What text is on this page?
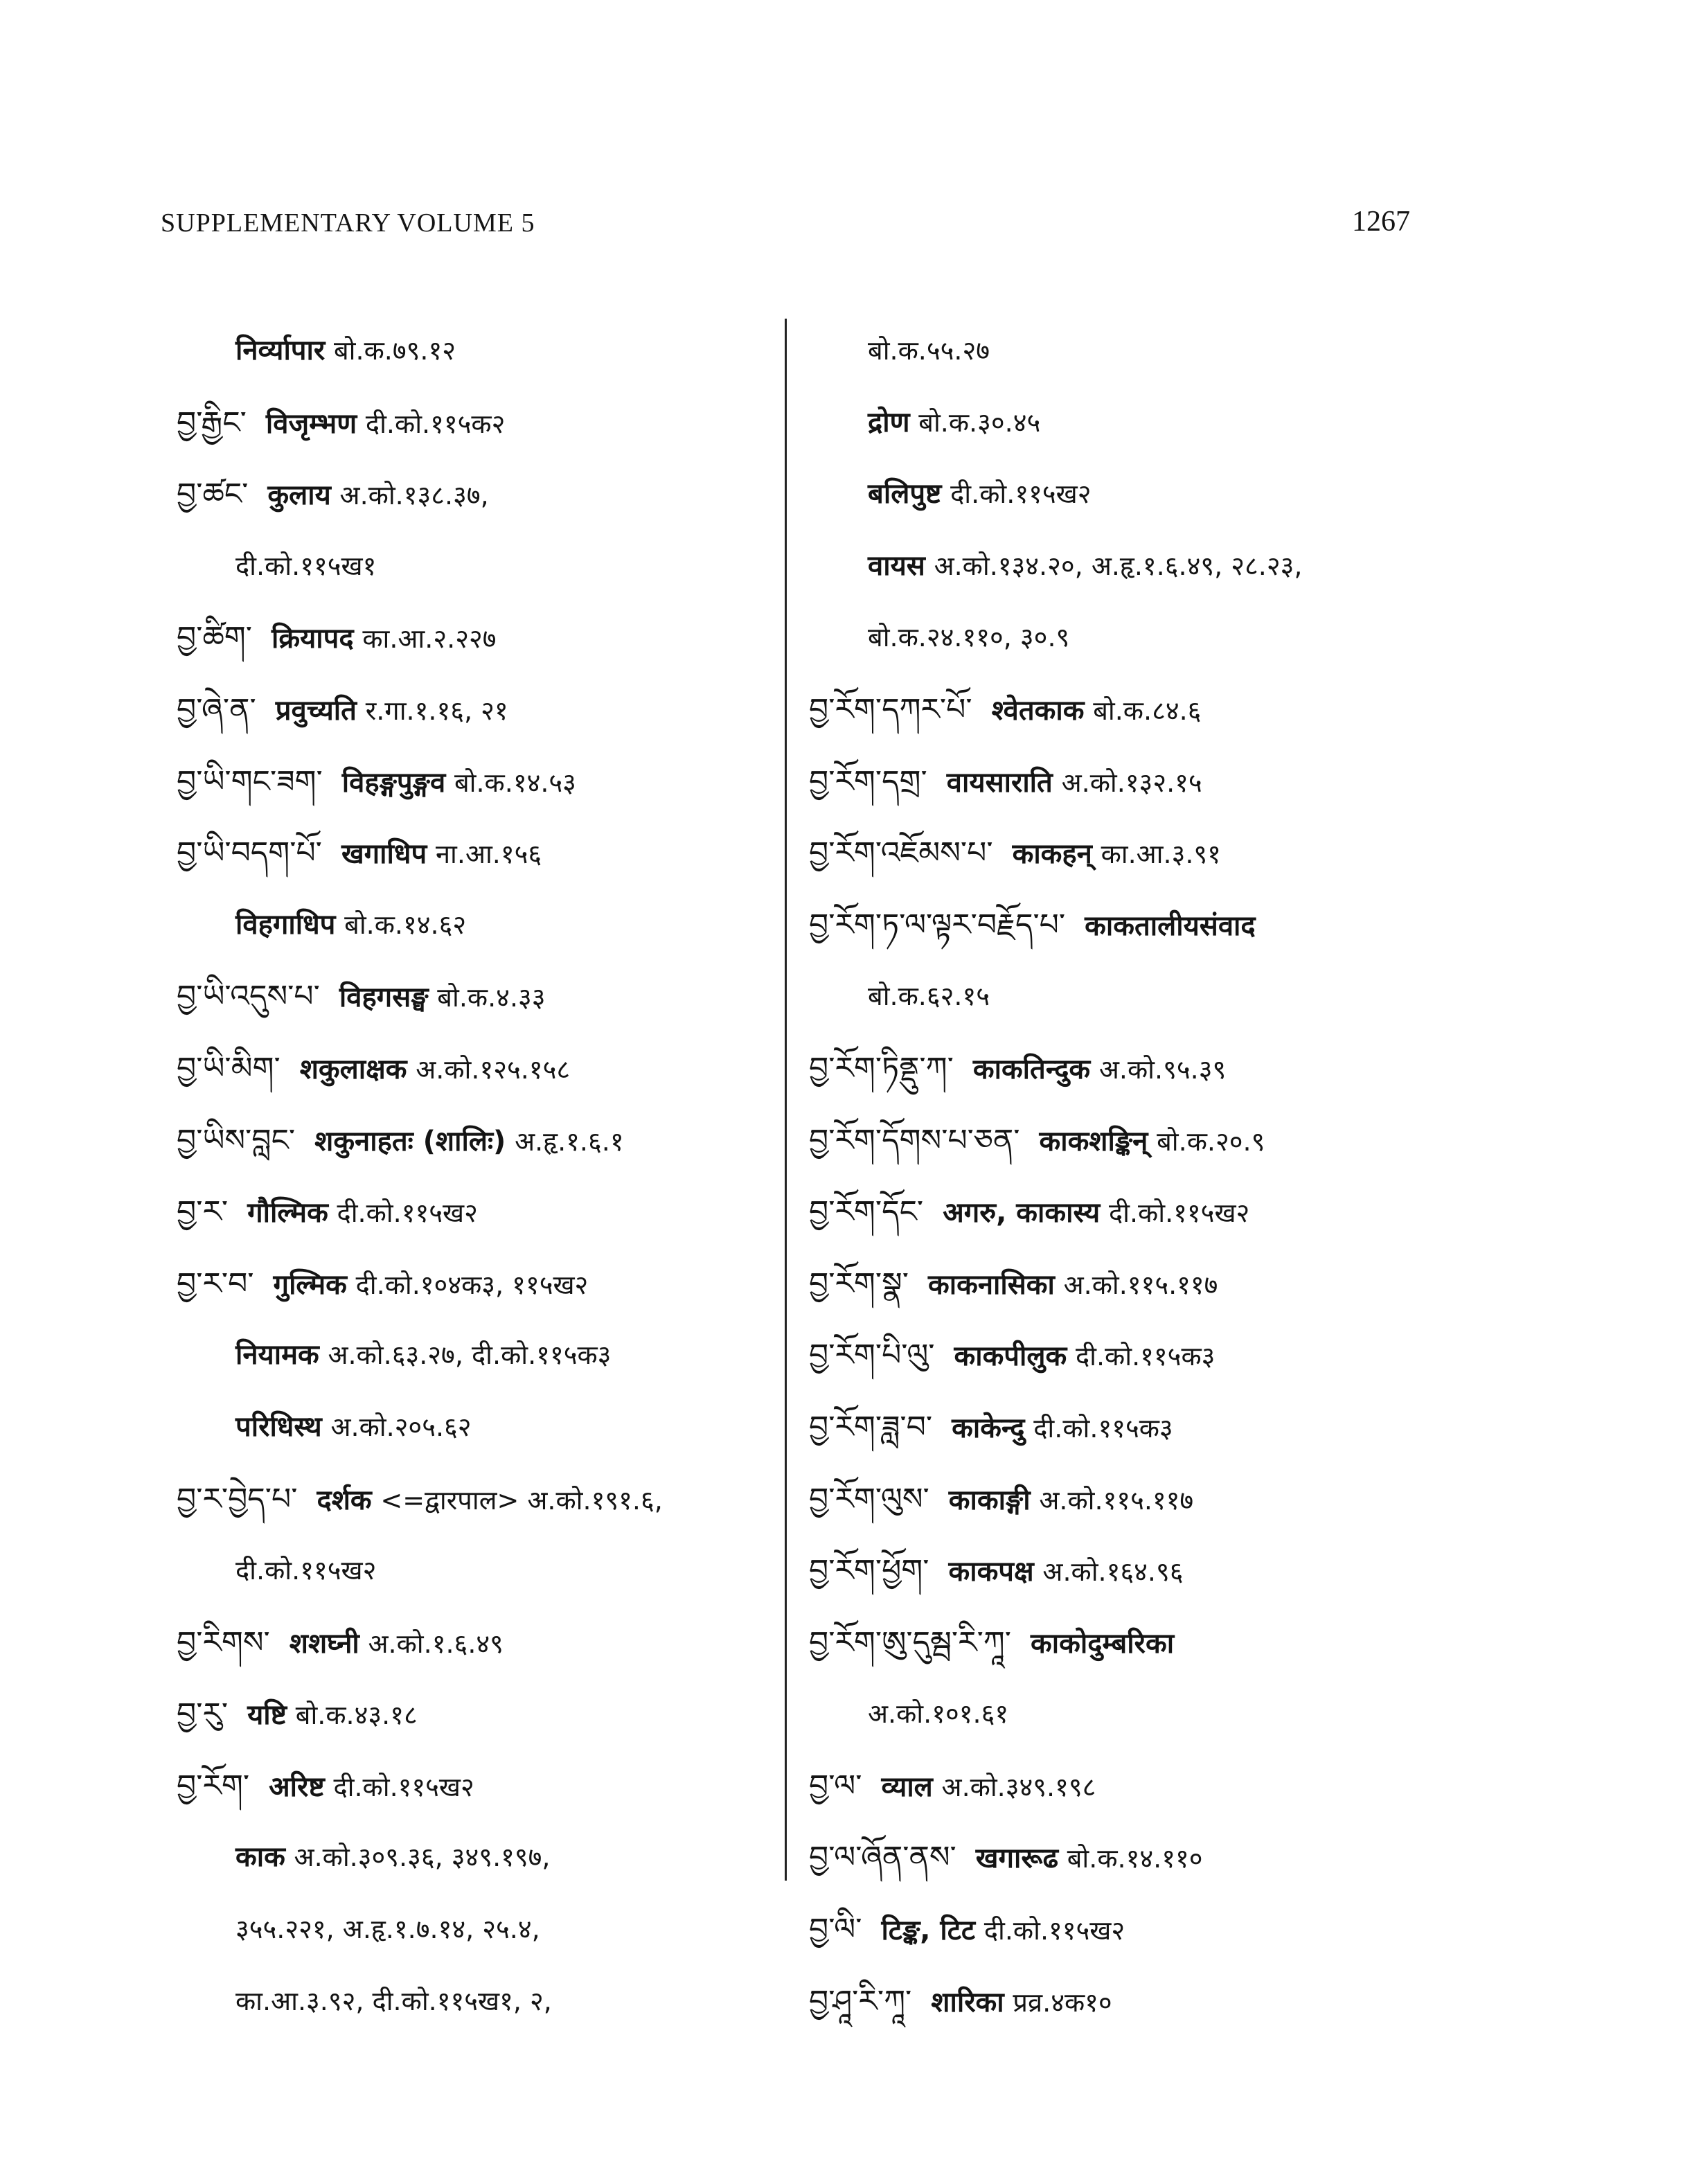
SUPPLEMENTARY VOLUME 5	1267
निर्व्यापार बो.क.७९.१२
བྱ་རྒྱིང་ विजृम्भण दी.को.११५क२
བྱ་ཚང་ कुलाय अ.को.१३८.३७,
दी.को.११५ख१
བྱ་ཚིག་ क्रियापद का.आ.२.२२७
བྱ་ཞེ་ན་ प्रवुच्यति र.गा.१.१६, २१
བྱ་ཡི་གང་ཟག་ विहङ्गपुङ्गव बो.क.१४.५३
བྱ་ཡི་བདག་པོ་ खगाधिप ना.आ.१५६
विहगाधिप बो.क.१४.६२
བྱ་ཡི་འདུས་པ་ विहगसङ्घ बो.क.४.३३
བྱ་ཡི་མིག་ शकुलाक्षक अ.को.१२५.१५८
བྱ་ཡིས་བླང་ शकुनाहतः (शालिः) अ.हृ.१.६.१
བྱ་ར་ गौल्मिक दी.को.११५ख२
བྱ་ར་བ་ गुल्मिक दी.को.१०४क३, ११५ख२
नियामक अ.को.६३.२७, दी.को.११५क३
परिधिस्थ अ.को.२०५.६२
བྱ་ར་བྱེད་པ་ दर्शक <=द्वारपाल> अ.को.१९१.६,
दी.को.११५ख२
བྱ་རིགས་ शशघ्नी अ.को.१.६.४९
བྱ་རུ་ यष्टि बो.क.४३.१८
བྱ་རོག་ अरिष्ट दी.को.११५ख२
काक अ.को.३०९.३६, ३४९.१९७,
३५५.२२१, अ.हृ.१.७.१४, २५.४,
का.आ.३.९२, दी.को.११५ख१, २,
बो.क.५५.२७
द्रोण बो.क.३०.४५
बलिपुष्ट दी.को.११५ख२
वायस अ.को.१३४.२०, अ.हृ.१.६.४९, २८.२३,
बो.क.२४.११०, ३०.९
བྱ་རོག་དཀར་པོ་ श्वेतकाक बो.क.८४.६
བྱ་རོག་དགྲ་ वायसाराति अ.को.१३२.१५
བྱ་རོག་འཇོམས་པ་ काकहन् का.आ.३.९१
བྱ་རོག་ཏ་ལ་ལྟར་བརྗོད་པ་ काकतालीयसंवाद
बो.क.६२.१५
བྱ་རོག་ཏིནྡུ་ཀ་ काकतिन्दुक अ.को.९५.३९
བྱ་རོག་དོགས་པ་ཅན་ काकशङ्किन् बो.क.२०.९
བྱ་རོག་དོང་ अगरु, काकास्य दी.को.११५ख२
བྱ་རོག་སྣ་ काकनासिका अ.को.११५.११७
བྱ་རོག་པི་ལུ་ काकपीलुक दी.को.११५क३
བྱ་རོག་ཟླ་བ་ काकेन्दु दी.को.११५क३
བྱ་རོག་ལུས་ काकाङ्गी अ.को.११५.११७
བྱ་རོག་ཕྱོག་ काकपक्ष अ.को.१६४.९६
བྱ་རོག་ཨུ་དུམྦ་རི་ཀཱ་ काकोदुम्बरिका
अ.को.१०१.६१
བྱ་ལ་ व्याल अ.को.३४९.१९८
བྱ་ལ་ཞོན་ནས་ खगारूढ बो.क.१४.११०
བྱ་ལི་ टिङ्क, टिट दी.को.११५ख२
བྱ་ཤཱ་རི་ཀཱ་ शारिका प्रव्र.४क१०
